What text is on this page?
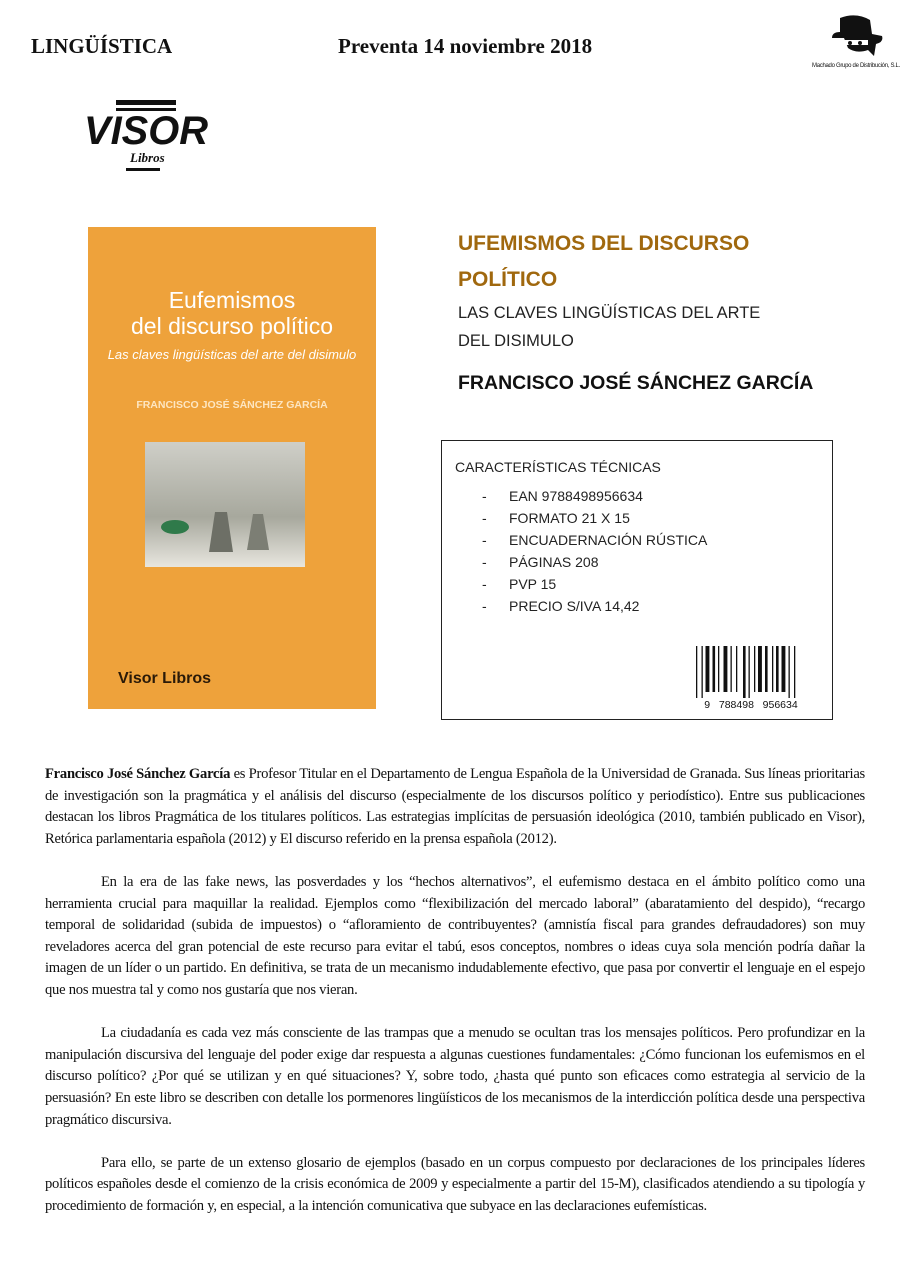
LINGÜÍSTICA	Preventa 14 noviembre 2018
Machado Grupo de Distribución, S.L.
VISOR
Libros
Eufemismos
del discurso político
Las claves lingüísticas del arte del disimulo
FRANCISCO JOSÉ SÁNCHEZ GARCÍA
Visor Libros
UFEMISMOS DEL DISCURSO
POLÍTICO
LAS CLAVES LINGÜÍSTICAS DEL ARTE
DEL DISIMULO
FRANCISCO JOSÉ SÁNCHEZ GARCÍA
CARACTERÍSTICAS TÉCNICAS
- EAN 9788498956634
- FORMATO 21 X 15
- ENCUADERNACIÓN RÚSTICA
- PÁGINAS 208
- PVP 15
- PRECIO S/IVA 14,42
9   788498   956634

Francisco José Sánchez García es Profesor Titular en el Departamento de Lengua Española de la Universidad de Granada. Sus líneas prioritarias de investigación son la pragmática y el análisis del discurso (especialmente de los discursos político y periodístico). Entre sus publicaciones destacan los libros Pragmática de los titulares políticos. Las estrategias implícitas de persuasión ideológica (2010, también publicado en Visor), Retórica parlamentaria española (2012) y El discurso referido en la prensa española (2012).

En la era de las fake news, las posverdades y los “hechos alternativos”, el eufemismo destaca en el ámbito político como una herramienta crucial para maquillar la realidad. Ejemplos como “flexibilización del mercado laboral” (abaratamiento del despido), “recargo temporal de solidaridad (subida de impuestos) o “afloramiento de contribuyentes? (amnistía fiscal para grandes defraudadores) son muy reveladores acerca del gran potencial de este recurso para evitar el tabú, esos conceptos, nombres o ideas cuya sola mención podría dañar la imagen de un líder o un partido. En definitiva, se trata de un mecanismo indudablemente efectivo, que pasa por convertir el lenguaje en el espejo que nos muestra tal y como nos gustaría que nos vieran.

La ciudadanía es cada vez más consciente de las trampas que a menudo se ocultan tras los mensajes políticos. Pero profundizar en la manipulación discursiva del lenguaje del poder exige dar respuesta a algunas cuestiones fundamentales: ¿Cómo funcionan los eufemismos en el discurso político? ¿Por qué se utilizan y en qué situaciones? Y, sobre todo, ¿hasta qué punto son eficaces como estrategia al servicio de la persuasión? En este libro se describen con detalle los pormenores lingüísticos de los mecanismos de la interdicción política desde una perspectiva pragmático discursiva.

Para ello, se parte de un extenso glosario de ejemplos (basado en un corpus compuesto por declaraciones de los principales líderes políticos españoles desde el comienzo de la crisis económica de 2009 y especialmente a partir del 15-M), clasificados atendiendo a su tipología y procedimiento de formación y, en especial, a la intención comunicativa que subyace en las declaraciones eufemísticas.
